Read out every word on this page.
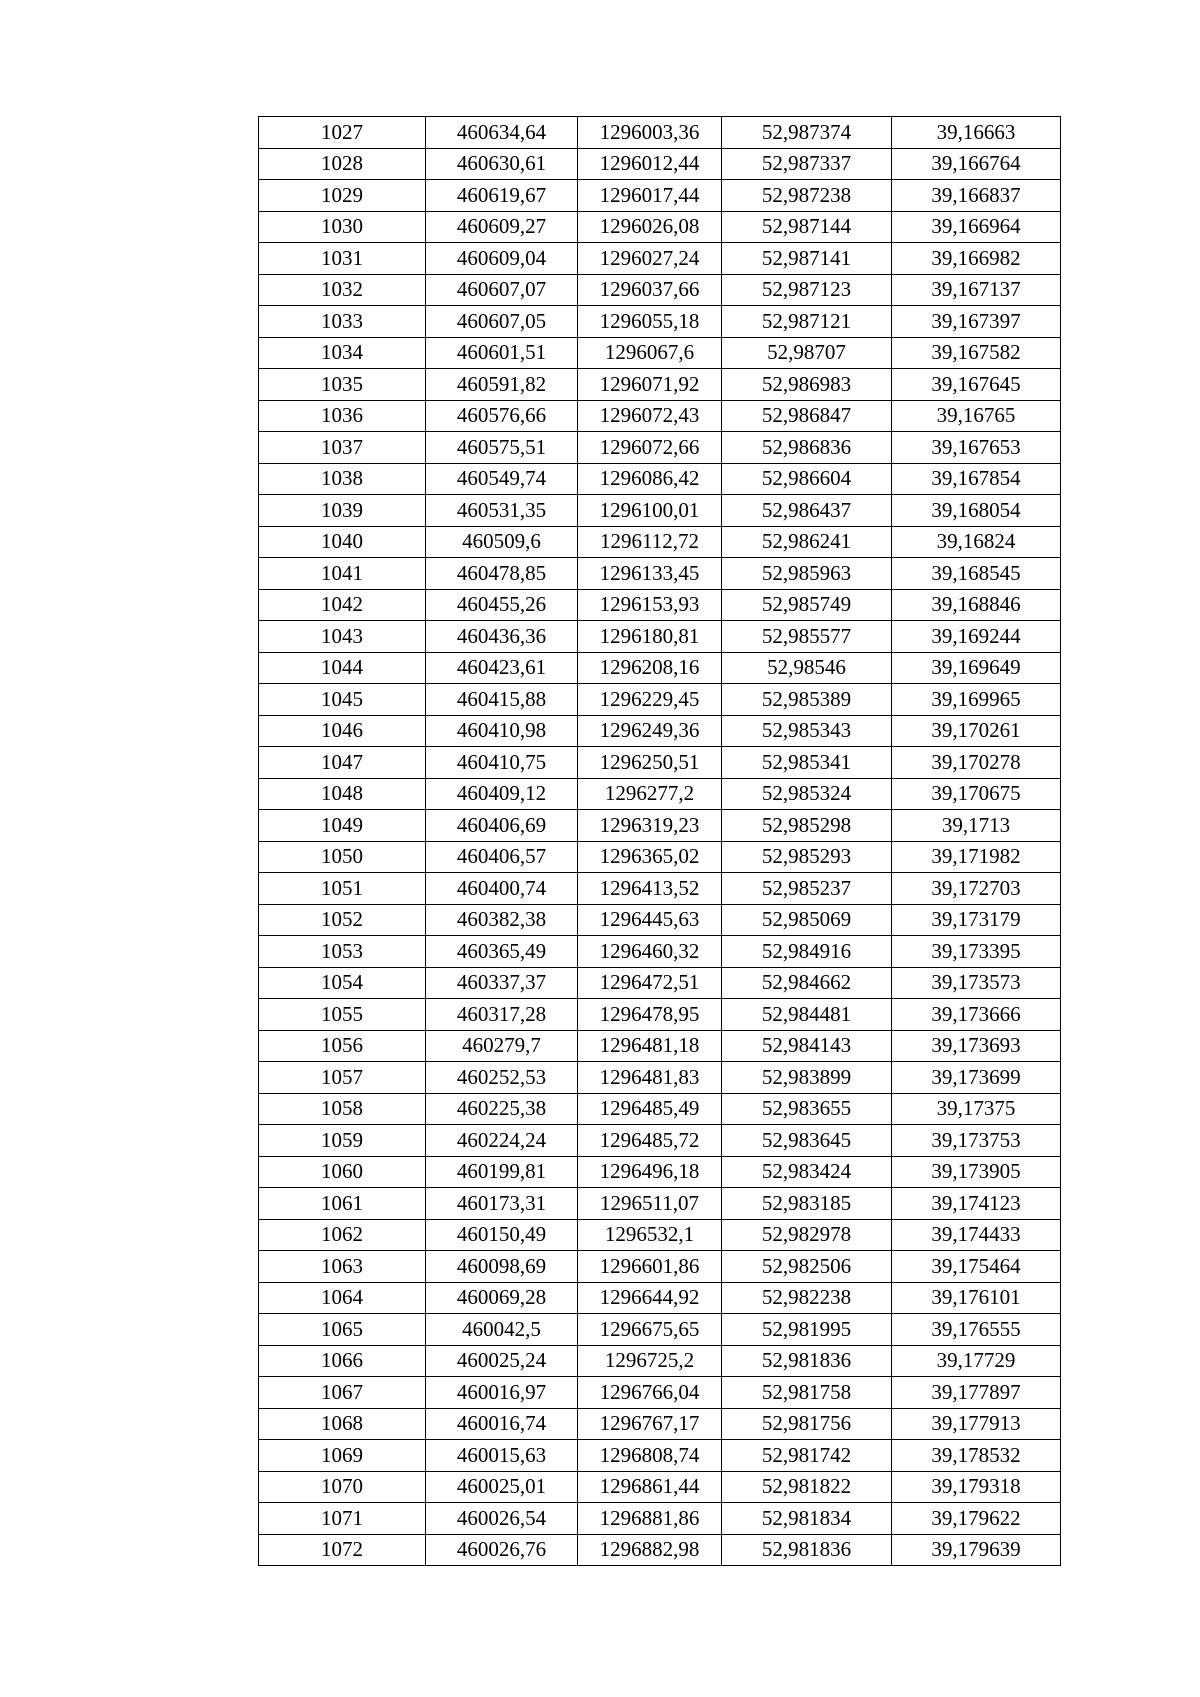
1027	460634,64	1296003,36	52,987374	39,16663
1028	460630,61	1296012,44	52,987337	39,166764
1029	460619,67	1296017,44	52,987238	39,166837
1030	460609,27	1296026,08	52,987144	39,166964
1031	460609,04	1296027,24	52,987141	39,166982
1032	460607,07	1296037,66	52,987123	39,167137
1033	460607,05	1296055,18	52,987121	39,167397
1034	460601,51	1296067,6	52,98707	39,167582
1035	460591,82	1296071,92	52,986983	39,167645
1036	460576,66	1296072,43	52,986847	39,16765
1037	460575,51	1296072,66	52,986836	39,167653
1038	460549,74	1296086,42	52,986604	39,167854
1039	460531,35	1296100,01	52,986437	39,168054
1040	460509,6	1296112,72	52,986241	39,16824
1041	460478,85	1296133,45	52,985963	39,168545
1042	460455,26	1296153,93	52,985749	39,168846
1043	460436,36	1296180,81	52,985577	39,169244
1044	460423,61	1296208,16	52,98546	39,169649
1045	460415,88	1296229,45	52,985389	39,169965
1046	460410,98	1296249,36	52,985343	39,170261
1047	460410,75	1296250,51	52,985341	39,170278
1048	460409,12	1296277,2	52,985324	39,170675
1049	460406,69	1296319,23	52,985298	39,1713
1050	460406,57	1296365,02	52,985293	39,171982
1051	460400,74	1296413,52	52,985237	39,172703
1052	460382,38	1296445,63	52,985069	39,173179
1053	460365,49	1296460,32	52,984916	39,173395
1054	460337,37	1296472,51	52,984662	39,173573
1055	460317,28	1296478,95	52,984481	39,173666
1056	460279,7	1296481,18	52,984143	39,173693
1057	460252,53	1296481,83	52,983899	39,173699
1058	460225,38	1296485,49	52,983655	39,17375
1059	460224,24	1296485,72	52,983645	39,173753
1060	460199,81	1296496,18	52,983424	39,173905
1061	460173,31	1296511,07	52,983185	39,174123
1062	460150,49	1296532,1	52,982978	39,174433
1063	460098,69	1296601,86	52,982506	39,175464
1064	460069,28	1296644,92	52,982238	39,176101
1065	460042,5	1296675,65	52,981995	39,176555
1066	460025,24	1296725,2	52,981836	39,17729
1067	460016,97	1296766,04	52,981758	39,177897
1068	460016,74	1296767,17	52,981756	39,177913
1069	460015,63	1296808,74	52,981742	39,178532
1070	460025,01	1296861,44	52,981822	39,179318
1071	460026,54	1296881,86	52,981834	39,179622
1072	460026,76	1296882,98	52,981836	39,179639
